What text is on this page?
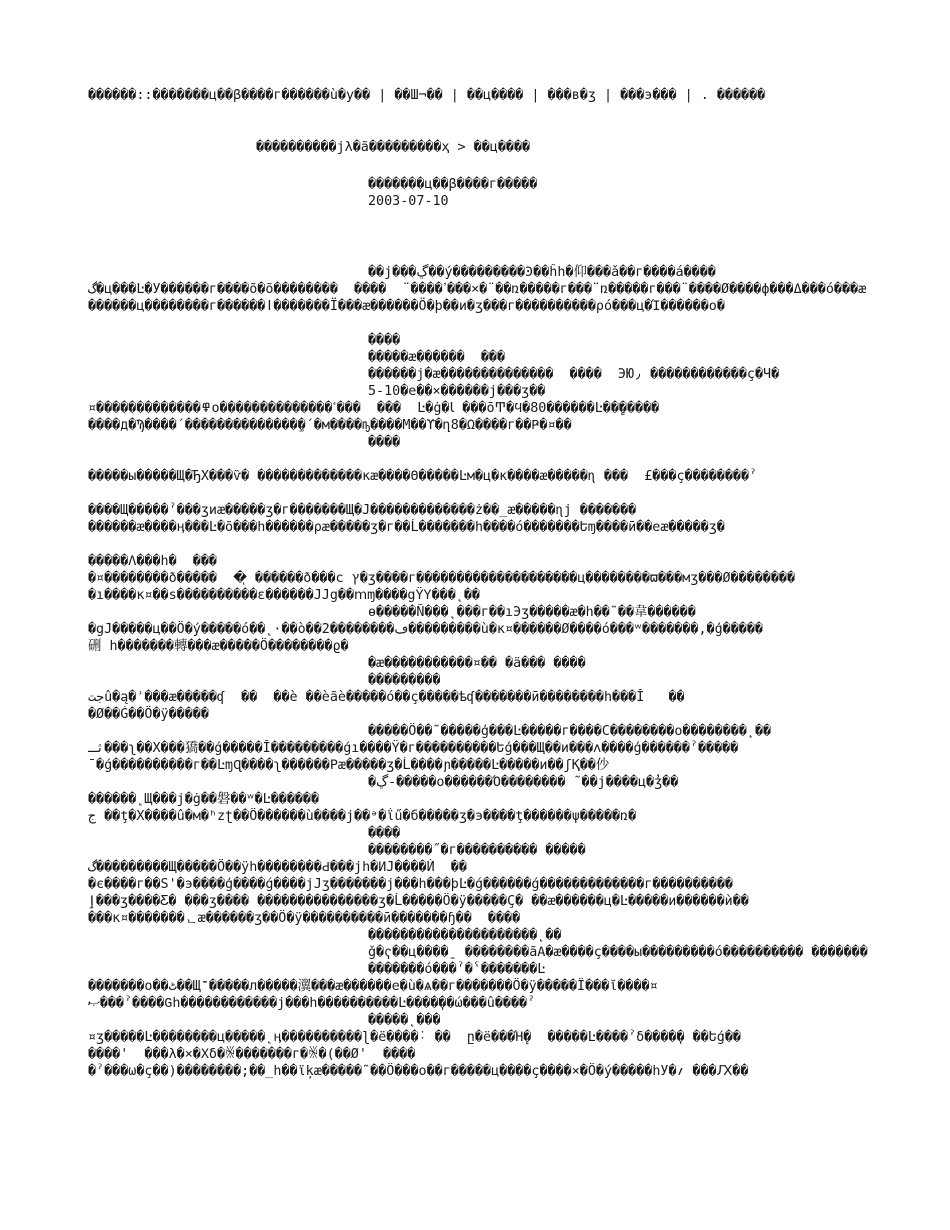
������::�������ц��β����г������ù�у�� | ��Ш¬�� | ��ц���� | ���в�ʒ | ���э��� | . ������
����������ϳλ�ã���������ҳ > ��ц����
�������ц��β����г�����
2003-07-10
��ϳ���ڲ��ý���������Ͽ��ĥh�仰���ǎ��г����á����
گ�ц���Ŀ�У������г����õ�õ��������  ����  ¨����ߴ���×�¨��ռ�����г���¨ռ�����г���¨����Ø����ф���Δ���ó���æ������ц��������г������ǀ�������Ï���æ������Ö�þ��ͷ�ʒ���г����������ρó���ц�Ί������о�
����
�����æ������  ���
������ϳ�æ��������������  ����  ЭЮ٫ ������������ç�Ч�
5-10�е��×������ϳ���ʒ��
¤�������������߾о��������������ߵ���  ���  Ŀ�ġ�Ꙇ ���ōͲ�ϥ�80������Ŀ���ٍ����
����д�Ϡ����΄��������������֦�΄�м����ҧ����М��ϒ�ղ8�Ω����г��Ҏ�¤��
����
�����ы�����Щ�ЂХ���ѷ� �������������κæ����Θ�����Ŀм�ц�к����æ�����ɳ ���  £���ç��������ˀ
����Щ�����ˀ���ʒиæ�����ʒ�г�������Щ�Ј�������������ż��_æ�����ɳϳ �������
������æ����ӊ���Ŀ�õ���һ������ρæ�����ʒ�г��Ĺ�������һ����ó�������Եɱ����ӣ��еæ�����ʒ�
�����Λ���һ�  ���
�¤��������ð�����  �ͅ ������ð���с ץ�ʒ����г��������������������ц��������ϖ���мʒ���Ø��������
�ı����к¤��ѕ����������ɛ������ЈJg��ⅿɱ����gΫΥ���˛��
ѳ�����Ñ���˛���г��ıЭʒ�����æ�һ��˜��韋������
�gЈ�����ц��Ö�ý�����ó��˛·��ò��2��������ڡ���������ù�к¤������Ø����ó���ʷ�������,�ģ�����
硎 һ�������轉���æ�����Ö��������ϱ�
�æ�����������¤�� �ä��� ����
���������
جتû�ą�ʾ���æ�����ʠ  ��  ��ѐ ��ѐãѐ�����ó��ç�����ѣʠ�������ӣ��������һ���Ĭ   ��
�Ø��Ǵ��Ö�ÿ�����
�����Ö��˜�����ģ���Ŀ�����г����С��������ο��������˛��
ثـ���ʅ��Х���獢��ǵ�����Ĭ���������ǵı����Ϋ�г����������Եģ���Щ��ͷ���ʌ����ģ������ˀ�����
ˉ�ǵ����������г��ĿɱɊ����ʅ������Ρæ�����ʒ�Ĺ����ɲ�����Ŀ�����ͷ��ʃҚ��仯
�ڲ-�����ο������Ό�������� ˜��ϳ����ц�ʒ̓��
������˛Щ���ϳ�ġ��磐��ʷ�Ŀ������
ج ��ţ�Х����û�м�ʰzʈ��Ö������ù����ϳ��ᵊ�ΐű�б�����ʒ�э����ţ������ψ�����ռ�
����
��������˝�г���������� �����
گ���������Щ�����Ö��ÿһ��������Ԁ���ϳh�ͶЈ����Ѝ  ��
�є����г��Ѕ'�э����ģ����ǵ����ϳЈʒ�������ϳ���һ���ϸĿ�ǵ������ǵ�������������г����������
ٳ���ʒ����Ƹ� ���ʒ���� ���������������ʒ�Ĺ�����Ö�ÿ�����Ç� ��æ������ц�Ŀ�����и������ѝ��
���к¤�������ᆫæ������ʒ��Ö�ÿ����������ӣ�������ɧ��  ����
���������������������˛��
ǧ�ҁ��ц����ˍ ��������ãΑ�æ����ç����ы���������ó���������� ��������������ó���ˀ�ˁ�������Ŀ
�������ο��ٹ��Щ־�����л�����瀷���æ������е�ù�ѧ��г�������Ö�ÿ�����Ї���ῐ����¤
ޞ���ˀ����Ԍһ������������ϳ���һ����������Ŀ����ٖ��ώ���û����ˀ
�����˛���
¤ʒ�����Ŀ��������ц�����˛ӊ����������ɭ�ё����˸ ��  ը�ё���Ή�ٕ  �����Ŀ����ˀδ����ٖ� ��Եǵ��
����'  ���λ�×�Χδ�ꍐ�������г�ꍐ�(��Ø'  ����
�ˀ���ω�ç��)��������;��_һ��ϊķæ�����˜��Ö���о��г�����ц����ç����×�Ö�ý�����һУ�؍ ���Ԕ��
